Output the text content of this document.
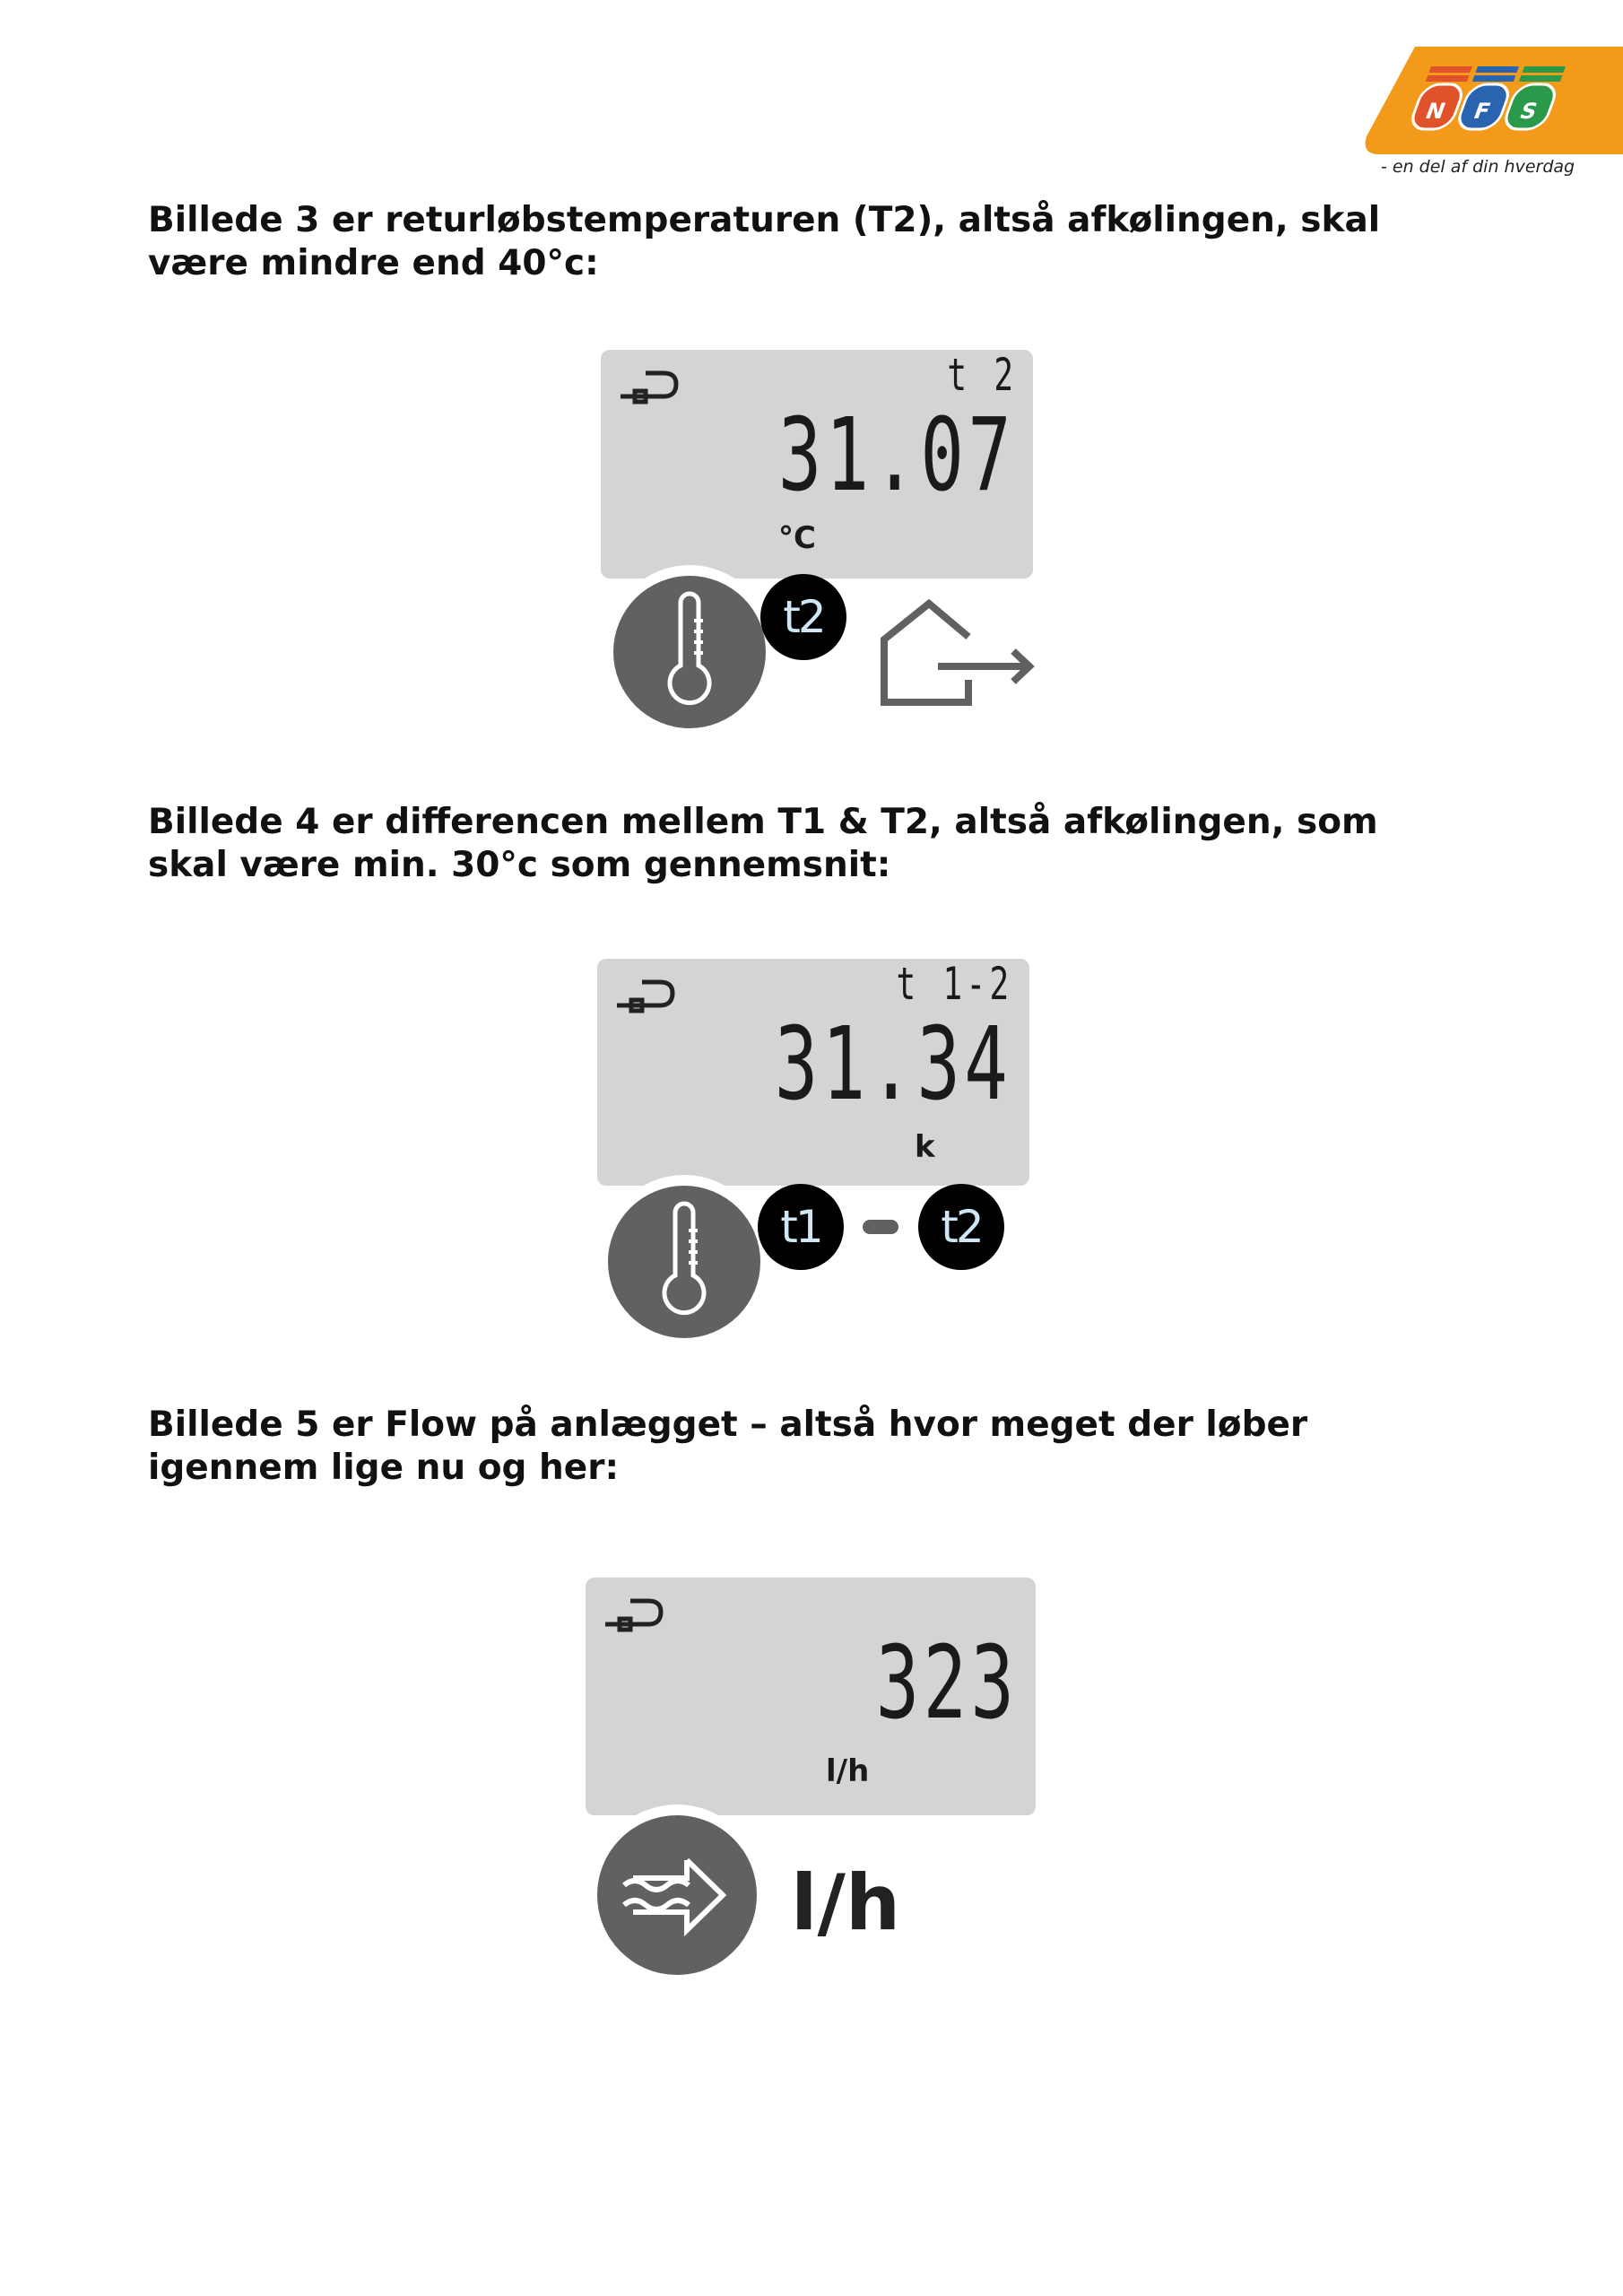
N F S
- en del af din hverdag

Billede 3 er returløbstemperaturen (T2), altså afkølingen, skal være mindre end 40°c:

t 2
31.07
°C
t2

Billede 4 er differencen mellem T1 & T2, altså afkølingen, som skal være min. 30°c som gennemsnit:

t 1-2
31.34
k
t1	t2

Billede 5 er Flow på anlægget – altså hvor meget der løber igennem lige nu og her:

323
l/h
l/h
